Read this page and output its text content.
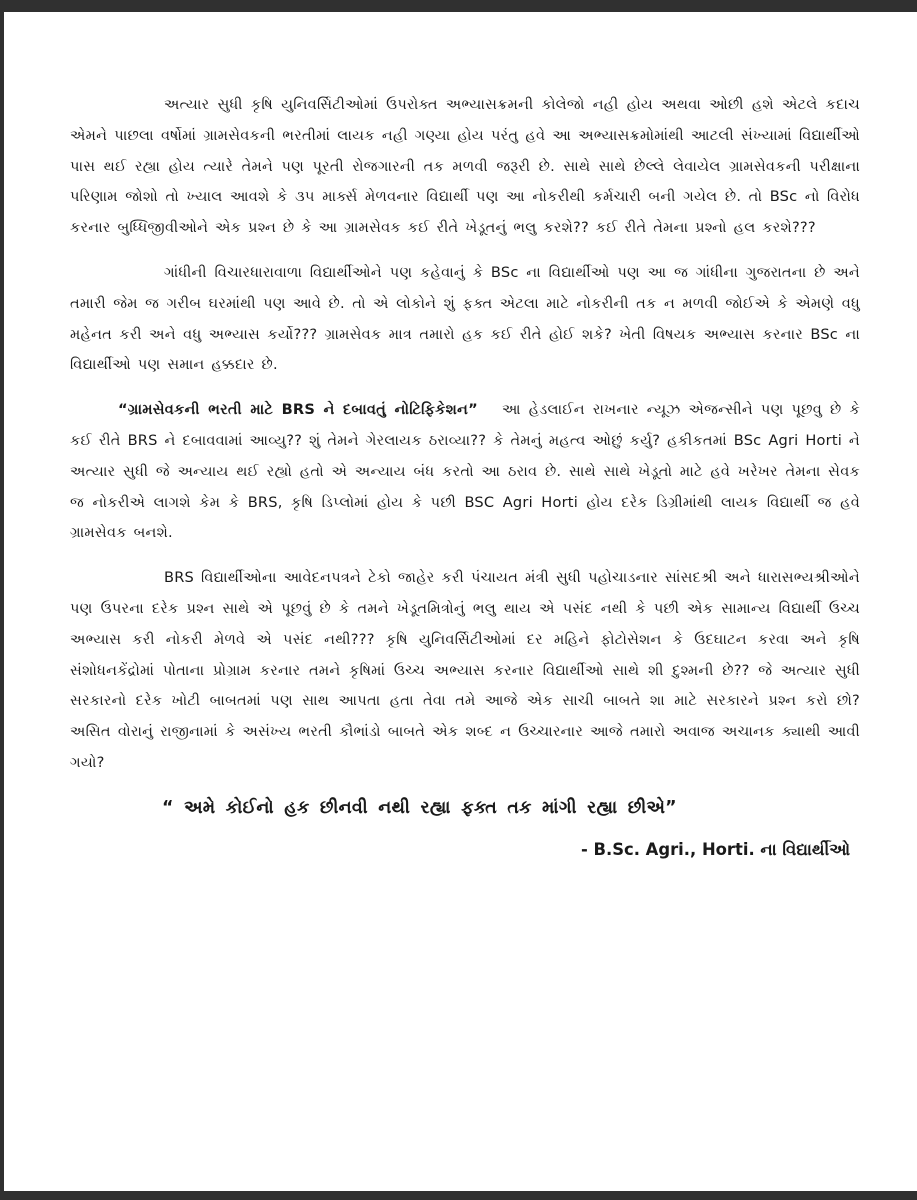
અત્યાર સુધી કૃષિ યુનિવર્સિટીઓમાં ઉપરોક્ત અભ્યાસક્રમની કોલેજો નહી હોય અથવા ઓછી હશે એટલે કદાચ એમને પાછલા વર્ષોમાં ગ્રામસેવકની ભરતીમાં લાયક નહી ગણ્યા હોય પરંતુ હવે આ અભ્યાસક્રમોમાંથી આટલી સંખ્યામાં વિદ્યાર્થીઓ પાસ થઈ રહ્યા હોય ત્યારે તેમને પણ પૂરતી રોજગારની તક મળવી જરૂરી છે. સાથે સાથે છેલ્લે લેવાયેલ ગ્રામસેવકની પરીક્ષાના પરિણામ જોશો તો ખ્યાલ આવશે કે ૩૫ માર્ક્સ મેળવનાર વિદ્યાર્થી પણ આ નોકરીથી કર્મચારી બની ગયેલ છે. તો BSc નો વિરોધ કરનાર બુધ્ધિજીવીઓને એક પ્રશ્ન છે કે આ ગ્રામસેવક કઈ રીતે ખેડૂતનું ભલુ કરશે?? કઈ રીતે તેમના પ્રશ્નો હલ કરશે???

ગાંધીની વિચારધારાવાળા વિદ્યાર્થીઓને પણ કહેવાનું કે BSc ના વિદ્યાર્થીઓ પણ આ જ ગાંધીના ગુજરાતના છે અને તમારી જેમ જ ગરીબ ઘરમાંથી પણ આવે છે. તો એ લોકોને શું ફક્ત એટલા માટે નોકરીની તક ન મળવી જોઈએ કે એમણે વધુ મહેનત કરી અને વધુ અભ્યાસ કર્યો??? ગ્રામસેવક માત્ર તમારો હક કઈ રીતે હોઈ શકે? ખેતી વિષયક અભ્યાસ કરનાર BSc ના વિદ્યાર્થીઓ પણ સમાન હક્કદાર છે.

“ગ્રામસેવકની ભરતી માટે BRS ને દબાવતું નોટિફિકેશન” આ હેડલાઈન રાખનાર ન્યૂઝ એજન્સીને પણ પૂછવુ છે કે કઈ રીતે BRS ને દબાવવામાં આવ્યુ?? શું તેમને ગેરલાયક ઠરાવ્યા?? કે તેમનું મહત્વ ઓછું કર્યુ? હકીકતમાં BSc Agri Horti ને અત્યાર સુધી જે અન્યાય થઈ રહ્યો હતો એ અન્યાય બંધ કરતો આ ઠરાવ છે. સાથે સાથે ખેડૂતો માટે હવે ખરેખર તેમના સેવક જ નોકરીએ લાગશે કેમ કે BRS, કૃષિ ડિપ્લોમાં હોય કે પછી BSC Agri Horti હોય દરેક ડિગ્રીમાંથી લાયક વિદ્યાર્થી જ હવે ગ્રામસેવક બનશે.

BRS વિદ્યાર્થીઓના આવેદનપત્રને ટેકો જાહેર કરી પંચાયત મંત્રી સુધી પહોચાડનાર સાંસદશ્રી અને ધારાસભ્યશ્રીઓને પણ ઉપરના દરેક પ્રશ્ન સાથે એ પૂછવું છે કે તમને ખેડૂતમિત્રોનું ભલુ થાય એ પસંદ નથી કે પછી એક સામાન્ય વિદ્યાર્થી ઉચ્ચ અભ્યાસ કરી નોકરી મેળવે એ પસંદ નથી??? કૃષિ યુનિવર્સિટીઓમાં દર મહિને ફોટોસેશન કે ઉદઘાટન કરવા અને કૃષિ સંશોધનકેંદ્રોમાં પોતાના પ્રોગ્રામ કરનાર તમને કૃષિમાં ઉચ્ચ અભ્યાસ કરનાર વિદ્યાર્થીઓ સાથે શી દુશ્મની છે?? જે અત્યાર સુધી સરકારનો દરેક ખોટી બાબતમાં પણ સાથ આપતા હતા તેવા તમે આજે એક સાચી બાબતે શા માટે સરકારને પ્રશ્ન કરો છો? અસિત વોરાનું રાજીનામાં કે અસંખ્ય ભરતી કૌભાંડો બાબતે એક શબ્દ ન ઉચ્ચારનાર આજે તમારો અવાજ અચાનક ક્યાથી આવી ગયો?

“ અમે કોઈનો હક છીનવી નથી રહ્યા ફક્ત તક માંગી રહ્યા છીએ”
- B.Sc. Agri., Horti. ના વિદ્યાર્થીઓ
